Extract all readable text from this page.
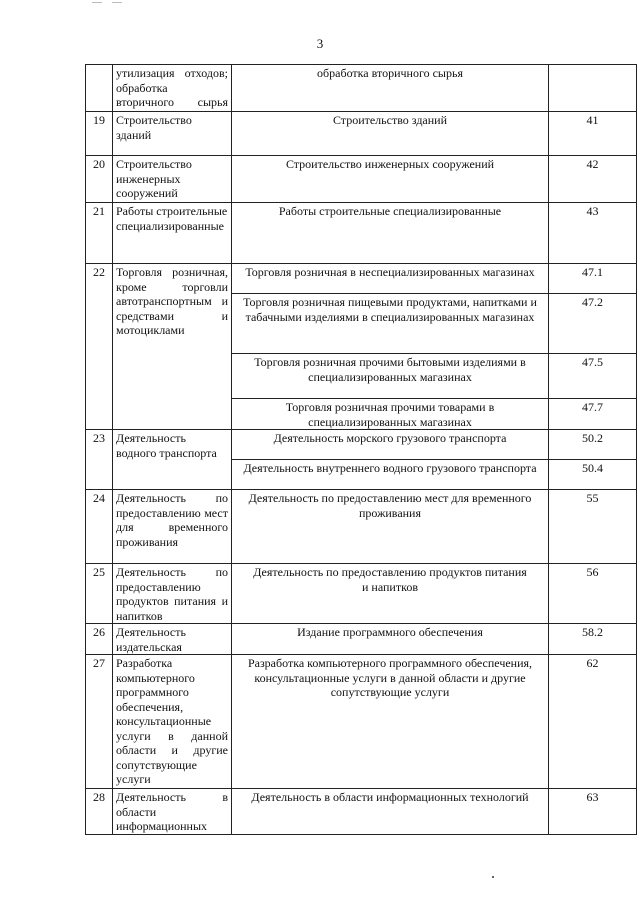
3
	утилизация отходов; обработка вторичного сырья	обработка вторичного сырья	
19	Строительство зданий	Строительство зданий	41
20	Строительство инженерных сооружений	Строительство инженерных сооружений	42
21	Работы строительные специализированные	Работы строительные специализированные	43
22	Торговля розничная, кроме торговли автотранспортным и средствами и мотоциклами	Торговля розничная в неспециализированных магазинах	47.1
		Торговля розничная пищевыми продуктами, напитками и табачными изделиями в специализированных магазинах	47.2
		Торговля розничная прочими бытовыми изделиями в специализированных магазинах	47.5
		Торговля розничная прочими товарами в специализированных магазинах	47.7
23	Деятельность водного транспорта	Деятельность морского грузового транспорта	50.2
		Деятельность внутреннего водного грузового транспорта	50.4
24	Деятельность по предоставлению мест для временного проживания	Деятельность по предоставлению мест для временного проживания	55
25	Деятельность по предоставлению продуктов питания и напитков	Деятельность по предоставлению продуктов питания и напитков	56
26	Деятельность издательская	Издание программного обеспечения	58.2
27	Разработка компьютерного программного обеспечения, консультационные услуги в данной области и другие сопутствующие услуги	Разработка компьютерного программного обеспечения, консультационные услуги в данной области и другие сопутствующие услуги	62
28	Деятельность в области информационных	Деятельность в области информационных технологий	63
